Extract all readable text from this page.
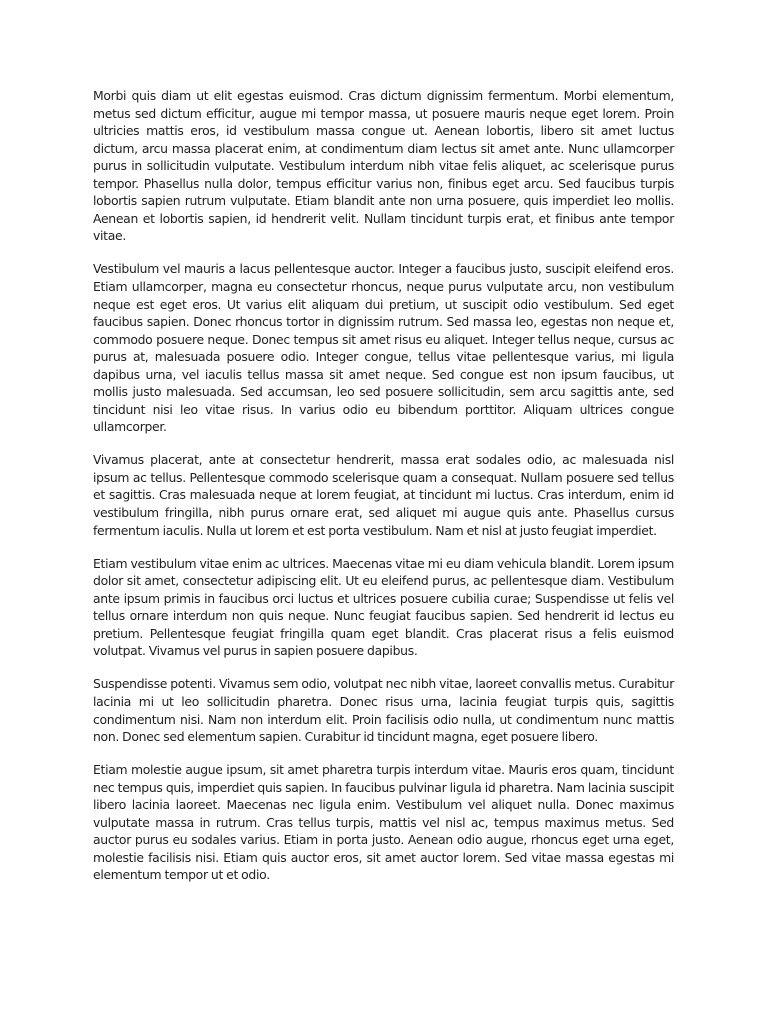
Morbi quis diam ut elit egestas euismod. Cras dictum dignissim fermentum. Morbi elementum, metus sed dictum efficitur, augue mi tempor massa, ut posuere mauris neque eget lorem. Proin ultricies mattis eros, id vestibulum massa congue ut. Aenean lobortis, libero sit amet luctus dictum, arcu massa placerat enim, at condimentum diam lectus sit amet ante. Nunc ullamcorper purus in sollicitudin vulputate. Vestibulum interdum nibh vitae felis aliquet, ac scelerisque purus tempor. Phasellus nulla dolor, tempus efficitur varius non, finibus eget arcu. Sed faucibus turpis lobortis sapien rutrum vulputate. Etiam blandit ante non urna posuere, quis imperdiet leo mollis. Aenean et lobortis sapien, id hendrerit velit. Nullam tincidunt turpis erat, et finibus ante tempor vitae.

Vestibulum vel mauris a lacus pellentesque auctor. Integer a faucibus justo, suscipit eleifend eros. Etiam ullamcorper, magna eu consectetur rhoncus, neque purus vulputate arcu, non vestibulum neque est eget eros. Ut varius elit aliquam dui pretium, ut suscipit odio vestibulum. Sed eget faucibus sapien. Donec rhoncus tortor in dignissim rutrum. Sed massa leo, egestas non neque et, commodo posuere neque. Donec tempus sit amet risus eu aliquet. Integer tellus neque, cursus ac purus at, malesuada posuere odio. Integer congue, tellus vitae pellentesque varius, mi ligula dapibus urna, vel iaculis tellus massa sit amet neque. Sed congue est non ipsum faucibus, ut mollis justo malesuada. Sed accumsan, leo sed posuere sollicitudin, sem arcu sagittis ante, sed tincidunt nisi leo vitae risus. In varius odio eu bibendum porttitor. Aliquam ultrices congue ullamcorper.

Vivamus placerat, ante at consectetur hendrerit, massa erat sodales odio, ac malesuada nisl ipsum ac tellus. Pellentesque commodo scelerisque quam a consequat. Nullam posuere sed tellus et sagittis. Cras malesuada neque at lorem feugiat, at tincidunt mi luctus. Cras interdum, enim id vestibulum fringilla, nibh purus ornare erat, sed aliquet mi augue quis ante. Phasellus cursus fermentum iaculis. Nulla ut lorem et est porta vestibulum. Nam et nisl at justo feugiat imperdiet.

Etiam vestibulum vitae enim ac ultrices. Maecenas vitae mi eu diam vehicula blandit. Lorem ipsum dolor sit amet, consectetur adipiscing elit. Ut eu eleifend purus, ac pellentesque diam. Vestibulum ante ipsum primis in faucibus orci luctus et ultrices posuere cubilia curae; Suspendisse ut felis vel tellus ornare interdum non quis neque. Nunc feugiat faucibus sapien. Sed hendrerit id lectus eu pretium. Pellentesque feugiat fringilla quam eget blandit. Cras placerat risus a felis euismod volutpat. Vivamus vel purus in sapien posuere dapibus.

Suspendisse potenti. Vivamus sem odio, volutpat nec nibh vitae, laoreet convallis metus. Curabitur lacinia mi ut leo sollicitudin pharetra. Donec risus urna, lacinia feugiat turpis quis, sagittis condimentum nisi. Nam non interdum elit. Proin facilisis odio nulla, ut condimentum nunc mattis non. Donec sed elementum sapien. Curabitur id tincidunt magna, eget posuere libero.

Etiam molestie augue ipsum, sit amet pharetra turpis interdum vitae. Mauris eros quam, tincidunt nec tempus quis, imperdiet quis sapien. In faucibus pulvinar ligula id pharetra. Nam lacinia suscipit libero lacinia laoreet. Maecenas nec ligula enim. Vestibulum vel aliquet nulla. Donec maximus vulputate massa in rutrum. Cras tellus turpis, mattis vel nisl ac, tempus maximus metus. Sed auctor purus eu sodales varius. Etiam in porta justo. Aenean odio augue, rhoncus eget urna eget, molestie facilisis nisi. Etiam quis auctor eros, sit amet auctor lorem. Sed vitae massa egestas mi elementum tempor ut et odio.
